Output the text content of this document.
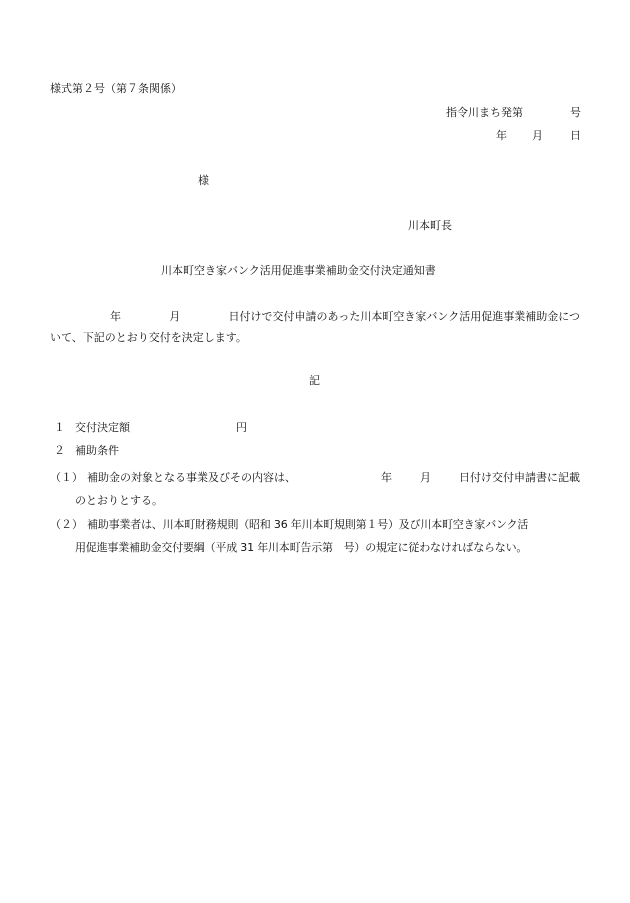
様式第２号（第７条関係）
指令川まち発第	号
年 月 日
様
川本町長
川本町空き家バンク活用促進事業補助金交付決定通知書
年	月	日付けで交付申請のあった川本町空き家バンク活用促進事業補助金につ
いて、下記のとおり交付を決定します。
記
１ 交付決定額	円
２ 補助条件
（１） 補助金の対象となる事業及びその内容は、	年	月	日付け交付申請書に記載
のとおりとする。
（２） 補助事業者は、川本町財務規則（昭和 36 年川本町規則第１号）及び川本町空き家バンク活
用促進事業補助金交付要綱（平成 31 年川本町告示第　号）の規定に従わなければならない。
